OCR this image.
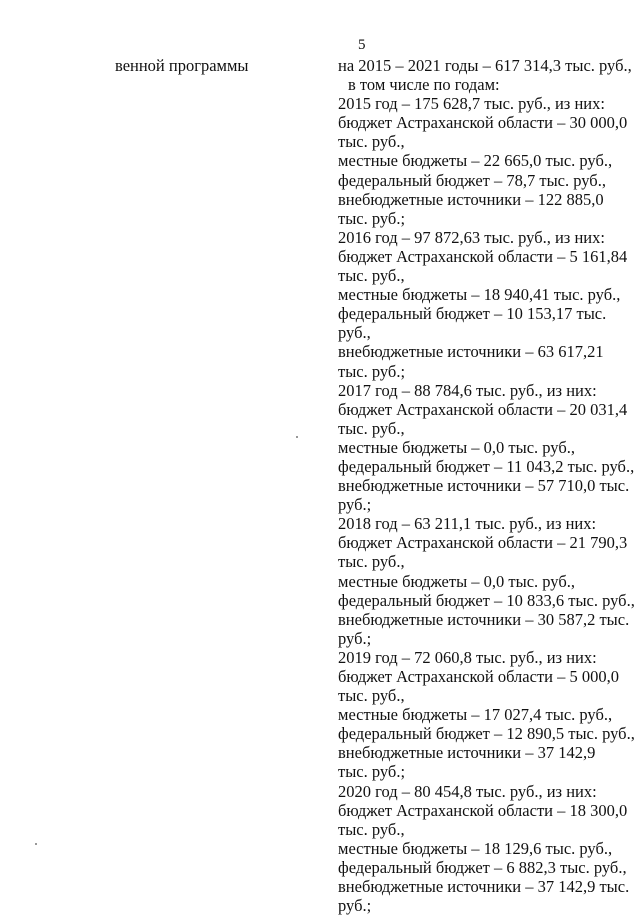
5
венной программы	на 2015 – 2021 годы – 617 314,3 тыс. руб.,
в том числе по годам:
2015 год – 175 628,7 тыс. руб., из них:
бюджет Астраханской области – 30 000,0
тыс. руб.,
местные бюджеты – 22 665,0 тыс. руб.,
федеральный бюджет – 78,7 тыс. руб.,
внебюджетные источники – 122 885,0
тыс. руб.;
2016 год – 97 872,63 тыс. руб., из них:
бюджет Астраханской области – 5 161,84
тыс. руб.,
местные бюджеты – 18 940,41 тыс. руб.,
федеральный бюджет – 10 153,17 тыс.
руб.,
внебюджетные источники – 63 617,21
тыс. руб.;
2017 год – 88 784,6 тыс. руб., из них:
бюджет Астраханской области – 20 031,4
тыс. руб.,
местные бюджеты – 0,0 тыс. руб.,
федеральный бюджет – 11 043,2 тыс. руб.,
внебюджетные источники – 57 710,0 тыс.
руб.;
2018 год – 63 211,1 тыс. руб., из них:
бюджет Астраханской области – 21 790,3
тыс. руб.,
местные бюджеты – 0,0 тыс. руб.,
федеральный бюджет – 10 833,6 тыс. руб.,
внебюджетные источники – 30 587,2 тыс.
руб.;
2019 год – 72 060,8 тыс. руб., из них:
бюджет Астраханской области – 5 000,0
тыс. руб.,
местные бюджеты – 17 027,4 тыс. руб.,
федеральный бюджет – 12 890,5 тыс. руб.,
внебюджетные источники – 37 142,9
тыс. руб.;
2020 год – 80 454,8 тыс. руб., из них:
бюджет Астраханской области – 18 300,0
тыс. руб.,
местные бюджеты – 18 129,6 тыс. руб.,
федеральный бюджет – 6 882,3 тыс. руб.,
внебюджетные источники – 37 142,9 тыс.
руб.;
